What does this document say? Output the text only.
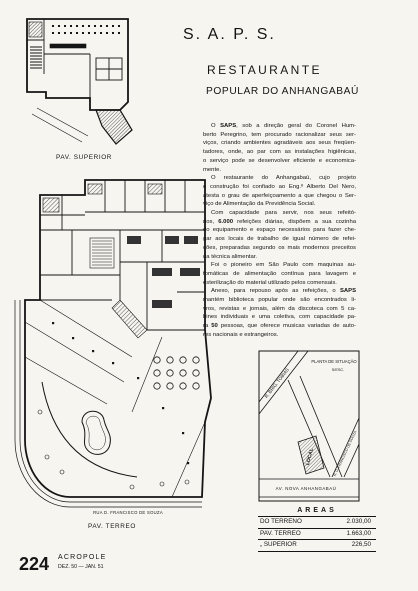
S. A. P. S.
RESTAURANTE
POPULAR DO ANHANGABAÚ
O SAPS, sob a direção geral do Coronel Hum-
berto Peregrino, tem procurado racionalizar seus ser-
viços, criando ambientes agradáveis aos seus freqüen-
tadores, onde, ao par com as instalações higiênicas,
o serviço pode se desenvolver eficiente e economica-
mente.
O restaurante do Anhangabaú, cujo projeto
e construção foi confiado ao Eng.º Alberto Del Nero,
atesta o grau de aperfeiçoamento a que chegou o Ser-
viço de Alimentação da Previdência Social.
Com capacidade para servir, nos seus refeitó-
rios, 6.000 refeições diárias, dispõem a sua cozinha
do equipamento e espaço necessários para fazer che-
gar aos locais de trabalho de igual número de refei-
ções, preparadas segundo os mais modernos preceitos
da técnica alimentar.
Foi o pioneiro em São Paulo com maquinas au-
tomáticas de alimentação contínua para lavagem e
esterilização do material utilizado pelos comensais.
Anexo, para repouso após as refeições, o SAPS
mantém biblioteca popular onde são encontrados li-
vros, revistas e jornais, além da discoteca com 5 ca-
bines individuais e uma coletiva, com capacidade pa-
ra 50 pessoas, que oferece musicas variadas de auto-
res nacionais e estrangeiros.
PAV. SUPERIOR
RUA D. FRANCISCO DE SOUZA
PAV. TERREO
R. BRIG. TOBIAS
PLANTA DE SITUAÇÃO
S/ESC.
LOCAL	R. D. FRANCISCO DE SOUZA
AV. NOVA ANHANGABAÚ
AREAS
DO TERRENO	2.030,00
PAV. TERREO	1.663,00
„ SUPERIOR	226,50
224 ACROPOLE
DEZ. 50 — JAN. 51
